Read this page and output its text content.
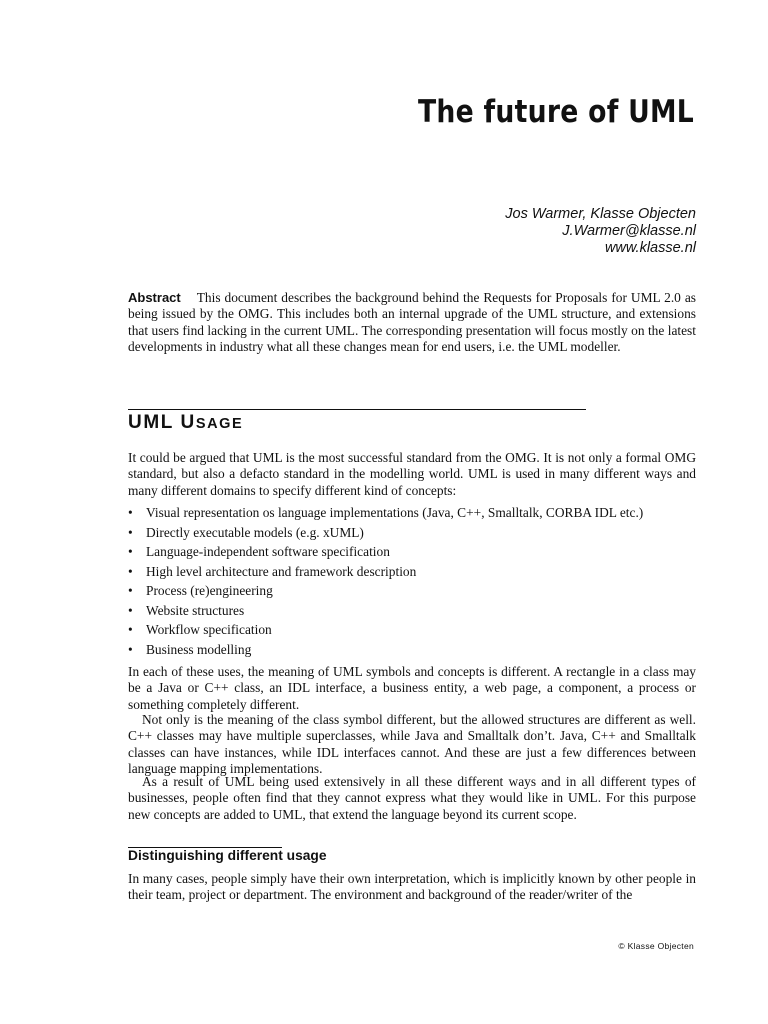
The future of UML
Jos Warmer, Klasse Objecten
J.Warmer@klasse.nl
www.klasse.nl

Abstract This document describes the background behind the Requests for Proposals for UML 2.0 as being issued by the OMG. This includes both an internal upgrade of the UML structure, and extensions that users find lacking in the current UML. The corresponding presentation will focus mostly on the latest developments in industry what all these changes mean for end users, i.e. the UML modeller.

UML USAGE

It could be argued that UML is the most successful standard from the OMG. It is not only a formal OMG standard, but also a defacto standard in the modelling world. UML is used in many different ways and many different domains to specify different kind of concepts:

• Visual representation os language implementations (Java, C++, Smalltalk, CORBA IDL etc.)
• Directly executable models (e.g. xUML)
• Language-independent software specification
• High level architecture and framework description
• Process (re)engineering
• Website structures
• Workflow specification
• Business modelling

In each of these uses, the meaning of UML symbols and concepts is different. A rectangle in a class may be a Java or C++ class, an IDL interface, a business entity, a web page, a component, a process or something completely different.

Not only is the meaning of the class symbol different, but the allowed structures are different as well. C++ classes may have multiple superclasses, while Java and Smalltalk don’t. Java, C++ and Smalltalk classes can have instances, while IDL interfaces cannot. And these are just a few differences between language mapping implementations.

As a result of UML being used extensively in all these different ways and in all different types of businesses, people often find that they cannot express what they would like in UML. For this purpose new concepts are added to UML, that extend the language beyond its current scope.

Distinguishing different usage

In many cases, people simply have their own interpretation, which is implicitly known by other people in their team, project or department. The environment and background of the reader/writer of the

© Klasse Objecten
